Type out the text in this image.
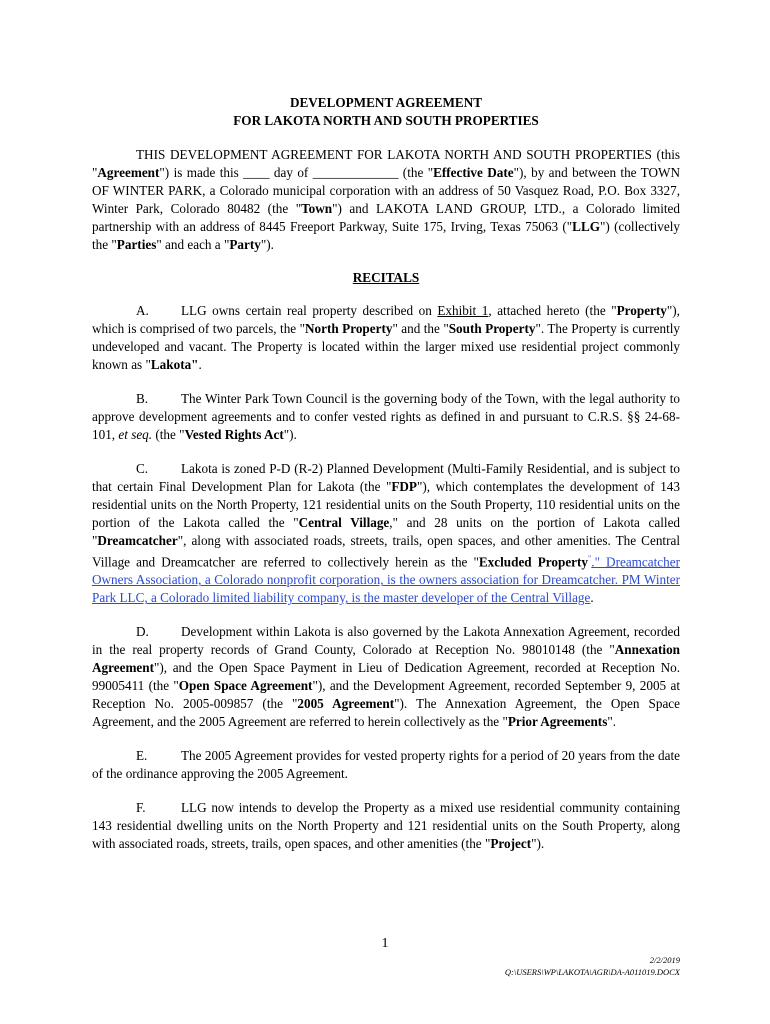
DEVELOPMENT AGREEMENT
FOR LAKOTA NORTH AND SOUTH PROPERTIES

THIS DEVELOPMENT AGREEMENT FOR LAKOTA NORTH AND SOUTH PROPERTIES (this "Agreement") is made this ____ day of _____________ (the "Effective Date"), by and between the TOWN OF WINTER PARK, a Colorado municipal corporation with an address of 50 Vasquez Road, P.O. Box 3327, Winter Park, Colorado 80482 (the "Town") and LAKOTA LAND GROUP, LTD., a Colorado limited partnership with an address of 8445 Freeport Parkway, Suite 175, Irving, Texas 75063 ("LLG") (collectively the "Parties" and each a "Party").

RECITALS

A. LLG owns certain real property described on Exhibit 1, attached hereto (the "Property"), which is comprised of two parcels, the "North Property" and the "South Property". The Property is currently undeveloped and vacant. The Property is located within the larger mixed use residential project commonly known as "Lakota".

B. The Winter Park Town Council is the governing body of the Town, with the legal authority to approve development agreements and to confer vested rights as defined in and pursuant to C.R.S. §§ 24-68-101, et seq. (the "Vested Rights Act").

C. Lakota is zoned P-D (R-2) Planned Development (Multi-Family Residential, and is subject to that certain Final Development Plan for Lakota (the "FDP"), which contemplates the development of 143 residential units on the North Property, 121 residential units on the South Property, 110 residential units on the portion of the Lakota called the "Central Village," and 28 units on the portion of Lakota called "Dreamcatcher", along with associated roads, streets, trails, open spaces, and other amenities. The Central Village and Dreamcatcher are referred to collectively herein as the "Excluded Property"." Dreamcatcher Owners Association, a Colorado nonprofit corporation, is the owners association for Dreamcatcher. PM Winter Park LLC, a Colorado limited liability company, is the master developer of the Central Village.

D. Development within Lakota is also governed by the Lakota Annexation Agreement, recorded in the real property records of Grand County, Colorado at Reception No. 98010148 (the "Annexation Agreement"), and the Open Space Payment in Lieu of Dedication Agreement, recorded at Reception No. 99005411 (the "Open Space Agreement"), and the Development Agreement, recorded September 9, 2005 at Reception No. 2005-009857 (the "2005 Agreement"). The Annexation Agreement, the Open Space Agreement, and the 2005 Agreement are referred to herein collectively as the "Prior Agreements".

E.	The 2005 Agreement provides for vested property rights for a period of 20 years from the date of the ordinance approving the 2005 Agreement.

F.	LLG now intends to develop the Property as a mixed use residential community containing 143 residential dwelling units on the North Property and 121 residential units on the South Property, along with associated roads, streets, trails, open spaces, and other amenities (the "Project").

1
2/2/2019
Q:\USERS\WP\LAKOTA\AGR\DA-A011019.DOCX
